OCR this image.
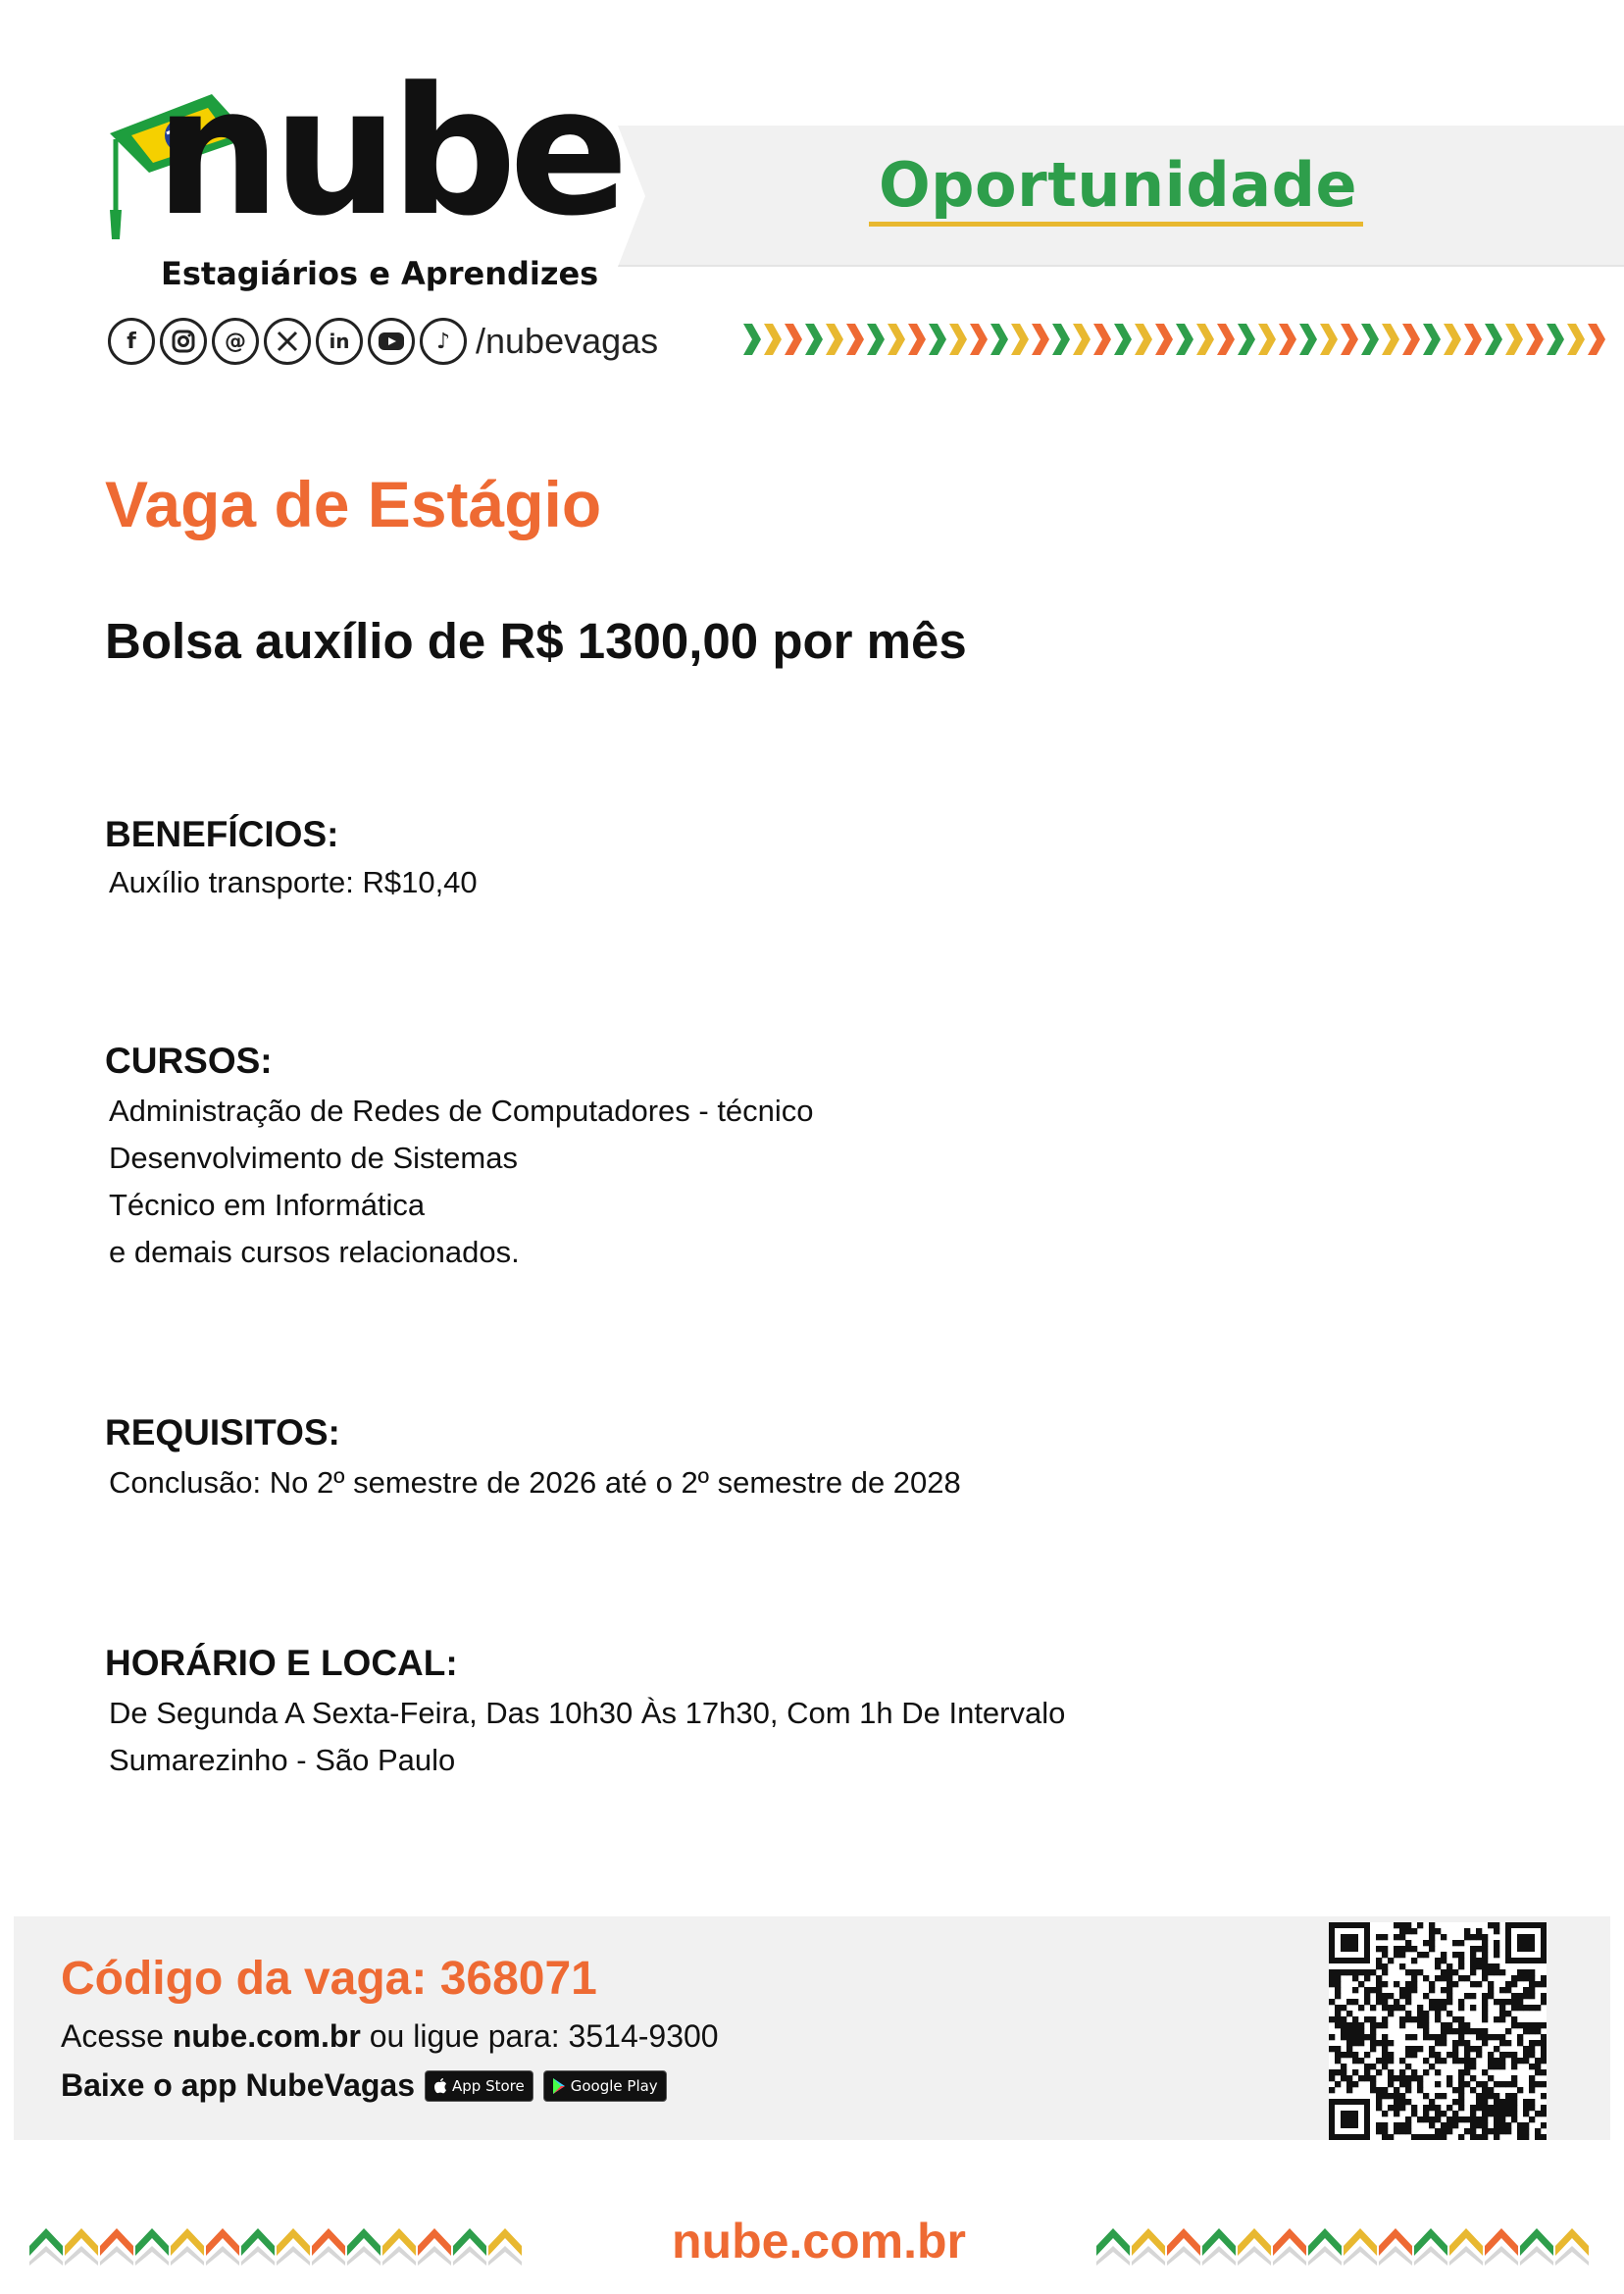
Oportunidade
nube
Estagiários e Aprendizes
f	@	in	♪ /nubevagas
Vaga de Estágio
Bolsa auxílio de R$ 1300,00 por mês
BENEFÍCIOS:
Auxílio transporte: R$10,40
CURSOS:
Administração de Redes de Computadores - técnico
Desenvolvimento de Sistemas
Técnico em Informática
e demais cursos relacionados.
REQUISITOS:
Conclusão: No 2º semestre de 2026 até o 2º semestre de 2028
HORÁRIO E LOCAL:
De Segunda A Sexta-Feira, Das 10h30 Às 17h30, Com 1h De Intervalo
Sumarezinho - São Paulo
Código da vaga: 368071
Acesse nube.com.br ou ligue para: 3514-9300
Baixe o app NubeVagas	App Store	Google Play
nube.com.br
